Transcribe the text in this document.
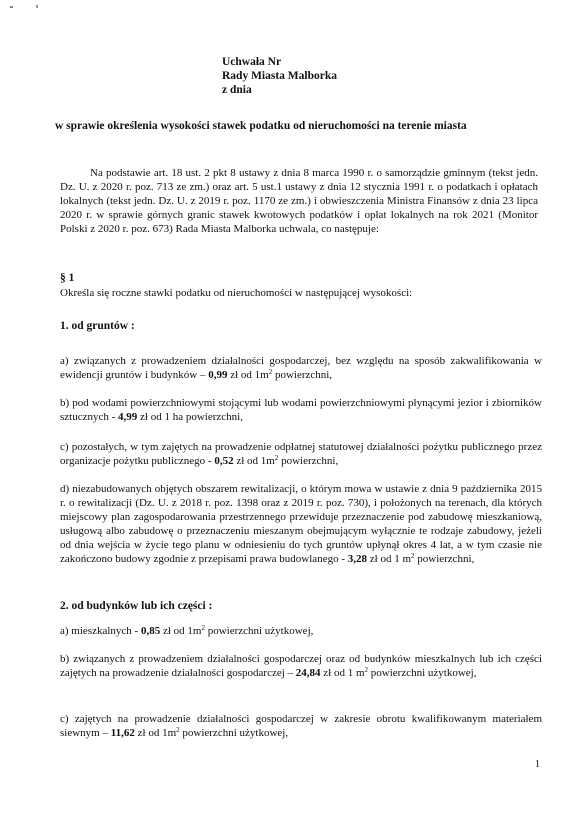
Uchwała Nr
Rady Miasta Malborka
z dnia
w sprawie określenia wysokości stawek podatku od nieruchomości na terenie miasta
Na podstawie art. 18 ust. 2 pkt 8 ustawy z dnia 8 marca 1990 r. o samorządzie gminnym (tekst jedn. Dz. U. z 2020 r. poz. 713 ze zm.) oraz art. 5 ust.1 ustawy z dnia 12 stycznia 1991 r. o podatkach i opłatach lokalnych (tekst jedn. Dz. U. z 2019 r. poz. 1170 ze zm.) i obwieszczenia Ministra Finansów z dnia 23 lipca 2020 r. w sprawie górnych granic stawek kwotowych podatków i opłat lokalnych na rok 2021 (Monitor Polski z 2020 r. poz. 673) Rada Miasta Malborka uchwala, co następuje:
§ 1
Określa się roczne stawki podatku od nieruchomości w następującej wysokości:
1. od gruntów :
a) związanych z prowadzeniem działalności gospodarczej, bez względu na sposób zakwalifikowania w ewidencji gruntów i budynków – 0,99 zł od $1m^2$ powierzchni,
b) pod wodami powierzchniowymi stojącymi lub wodami powierzchniowymi płynącymi jezior i zbiorników sztucznych - 4,99 zł od 1 ha powierzchni,
c) pozostałych, w tym zajętych na prowadzenie odpłatnej statutowej działalności pożytku publicznego przez organizacje pożytku publicznego - 0,52 zł od $1m^2$ powierzchni,
d) niezabudowanych objętych obszarem rewitalizacji, o którym mowa w ustawie z dnia 9 października 2015 r. o rewitalizacji (Dz. U. z 2018 r. poz. 1398 oraz z 2019 r. poz. 730), i położonych na terenach, dla których miejscowy plan zagospodarowania przestrzennego przewiduje przeznaczenie pod zabudowę mieszkaniową, usługową albo zabudowę o przeznaczeniu mieszanym obejmującym wyłącznie te rodzaje zabudowy, jeżeli od dnia wejścia w życie tego planu w odniesieniu do tych gruntów upłynął okres 4 lat, a w tym czasie nie zakończono budowy zgodnie z przepisami prawa budowlanego - 3,28 zł od 1 $m^2$ powierzchni,
2. od budynków lub ich części :
a) mieszkalnych - 0,85 zł od $1m^2$ powierzchni użytkowej,
b) związanych z prowadzeniem działalności gospodarczej oraz od budynków mieszkalnych lub ich części zajętych na prowadzenie działalności gospodarczej – 24,84 zł od 1 $m^2$ powierzchni użytkowej,
c) zajętych na prowadzenie działalności gospodarczej w zakresie obrotu kwalifikowanym materiałem siewnym – 11,62 zł od $1m^2$ powierzchni użytkowej,
1
